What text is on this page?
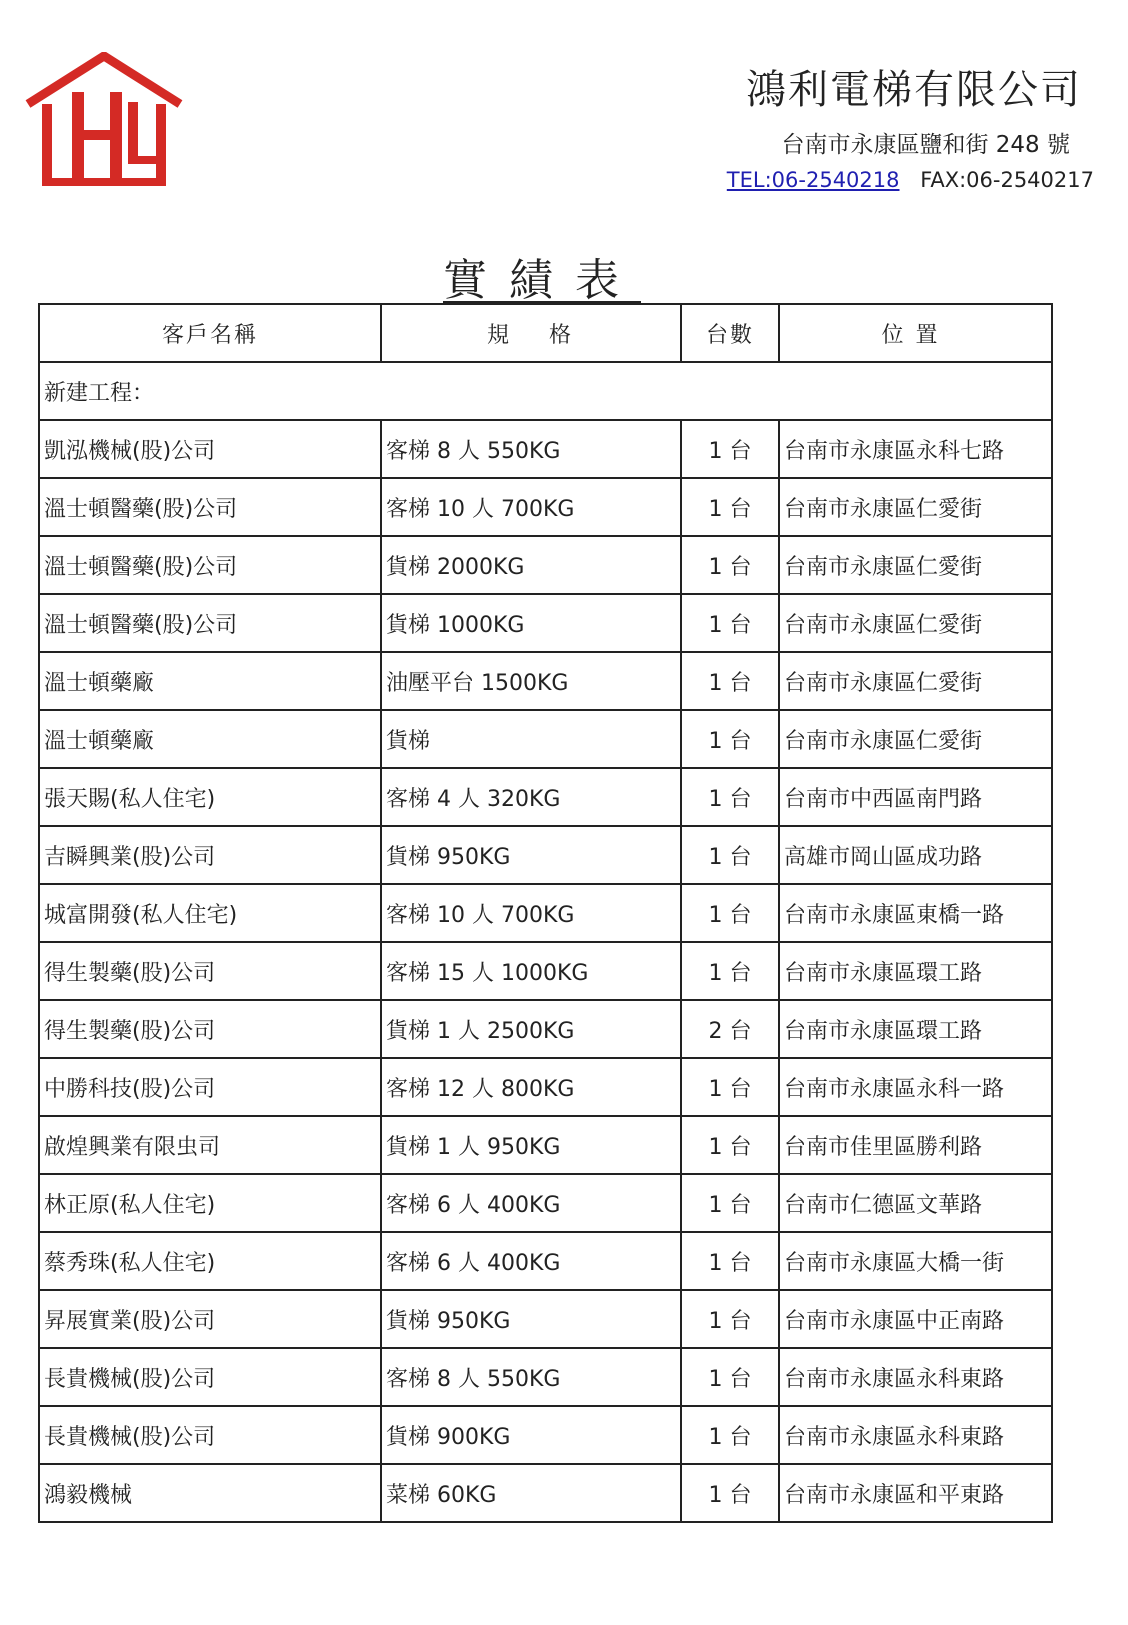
HL
鴻利電梯有限公司
台南市永康區鹽和街 248 號
TEL:06-2540218 FAX:06-2540217
實績表
客戶名稱	規格	台數	位置
新建工程：			
凱泓機械(股)公司	客梯 8 人 550KG	1 台	台南市永康區永科七路
溫士頓醫藥(股)公司	客梯 10 人 700KG	1 台	台南市永康區仁愛街
溫士頓醫藥(股)公司	貨梯 2000KG	1 台	台南市永康區仁愛街
溫士頓醫藥(股)公司	貨梯 1000KG	1 台	台南市永康區仁愛街
溫士頓藥廠	油壓平台 1500KG	1 台	台南市永康區仁愛街
溫士頓藥廠	貨梯	1 台	台南市永康區仁愛街
張天賜(私人住宅)	客梯 4 人 320KG	1 台	台南市中西區南門路
吉瞬興業(股)公司	貨梯 950KG	1 台	高雄市岡山區成功路
城富開發(私人住宅)	客梯 10 人 700KG	1 台	台南市永康區東橋一路
得生製藥(股)公司	客梯 15 人 1000KG	1 台	台南市永康區環工路
得生製藥(股)公司	貨梯 1 人 2500KG	2 台	台南市永康區環工路
中勝科技(股)公司	客梯 12 人 800KG	1 台	台南市永康區永科一路
啟煌興業有限虫司	貨梯 1 人 950KG	1 台	台南市佳里區勝利路
林正原(私人住宅)	客梯 6 人 400KG	1 台	台南市仁德區文華路
蔡秀珠(私人住宅)	客梯 6 人 400KG	1 台	台南市永康區大橋一街
昇展實業(股)公司	貨梯 950KG	1 台	台南市永康區中正南路
長貴機械(股)公司	客梯 8 人 550KG	1 台	台南市永康區永科東路
長貴機械(股)公司	貨梯 900KG	1 台	台南市永康區永科東路
鴻毅機械	菜梯 60KG	1 台	台南市永康區和平東路
